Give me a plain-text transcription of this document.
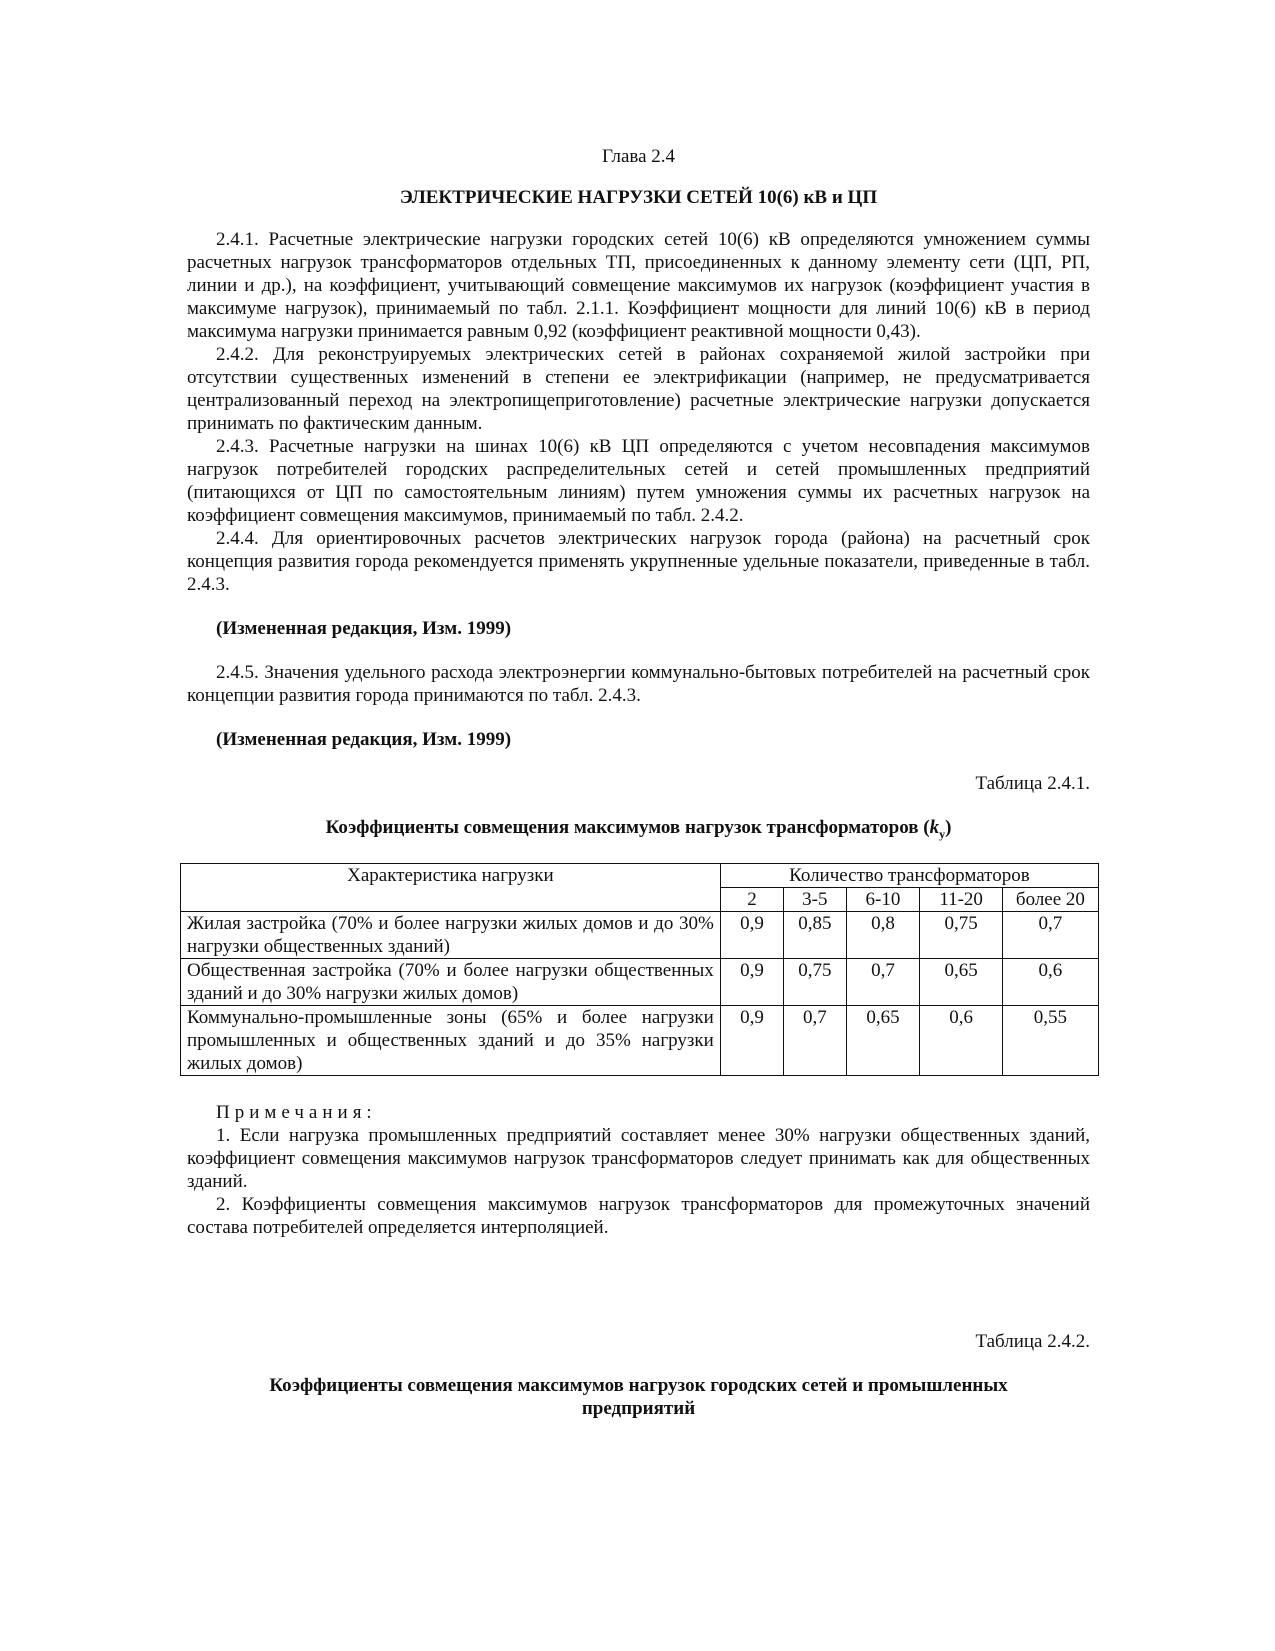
Глава 2.4
ЭЛЕКТРИЧЕСКИЕ НАГРУЗКИ СЕТЕЙ 10(6) кВ и ЦП

2.4.1. Расчетные электрические нагрузки городских сетей 10(6) кВ определяются умножением суммы расчетных нагрузок трансформаторов отдельных ТП, присоединенных к данному элементу сети (ЦП, РП, линии и др.), на коэффициент, учитывающий совмещение максимумов их нагрузок (коэффициент участия в максимуме нагрузок), принимаемый по табл. 2.1.1. Коэффициент мощности для линий 10(6) кВ в период максимума нагрузки принимается равным 0,92 (коэффициент реактивной мощности 0,43).

2.4.2. Для реконструируемых электрических сетей в районах сохраняемой жилой застройки при отсутствии существенных изменений в степени ее электрификации (например, не предусматривается централизованный переход на электропищеприготовление) расчетные электрические нагрузки допускается принимать по фактическим данным.

2.4.3. Расчетные нагрузки на шинах 10(6) кВ ЦП определяются с учетом несовпадения максимумов нагрузок потребителей городских распределительных сетей и сетей промышленных предприятий (питающихся от ЦП по самостоятельным линиям) путем умножения суммы их расчетных нагрузок на коэффициент совмещения максимумов, принимаемый по табл. 2.4.2.

2.4.4. Для ориентировочных расчетов электрических нагрузок города (района) на расчетный срок концепция развития города рекомендуется применять укрупненные удельные показатели, приведенные в табл. 2.4.3.

(Измененная редакция, Изм. 1999)

2.4.5. Значения удельного расхода электроэнергии коммунально-бытовых потребителей на расчетный срок концепции развития города принимаются по табл. 2.4.3.

(Измененная редакция, Изм. 1999)
Таблица 2.4.1.
Коэффициенты совмещения максимумов нагрузок трансформаторов $(k_у)$
Характеристика нагрузки	Количество трансформаторов				
	2	3-5	6-10	11-20	более 20
Жилая застройка (70% и более нагрузки жилых домов и до 30% нагрузки общественных зданий)	0,9	0,85	0,8	0,75	0,7
Общественная застройка (70% и более нагрузки общественных зданий и до 30% нагрузки жилых домов)	0,9	0,75	0,7	0,65	0,6
Коммунально-промышленные зоны (65% и более нагрузки промышленных и общественных зданий и до 35% нагрузки жилых домов)	0,9	0,7	0,65	0,6	0,55
Примечания:

1. Если нагрузка промышленных предприятий составляет менее 30% нагрузки общественных зданий, коэффициент совмещения максимумов нагрузок трансформаторов следует принимать как для общественных зданий.

2. Коэффициенты совмещения максимумов нагрузок трансформаторов для промежуточных значений состава потребителей определяется интерполяцией.

Таблица 2.4.2.
Коэффициенты совмещения максимумов нагрузок городских сетей и промышленных предприятий
